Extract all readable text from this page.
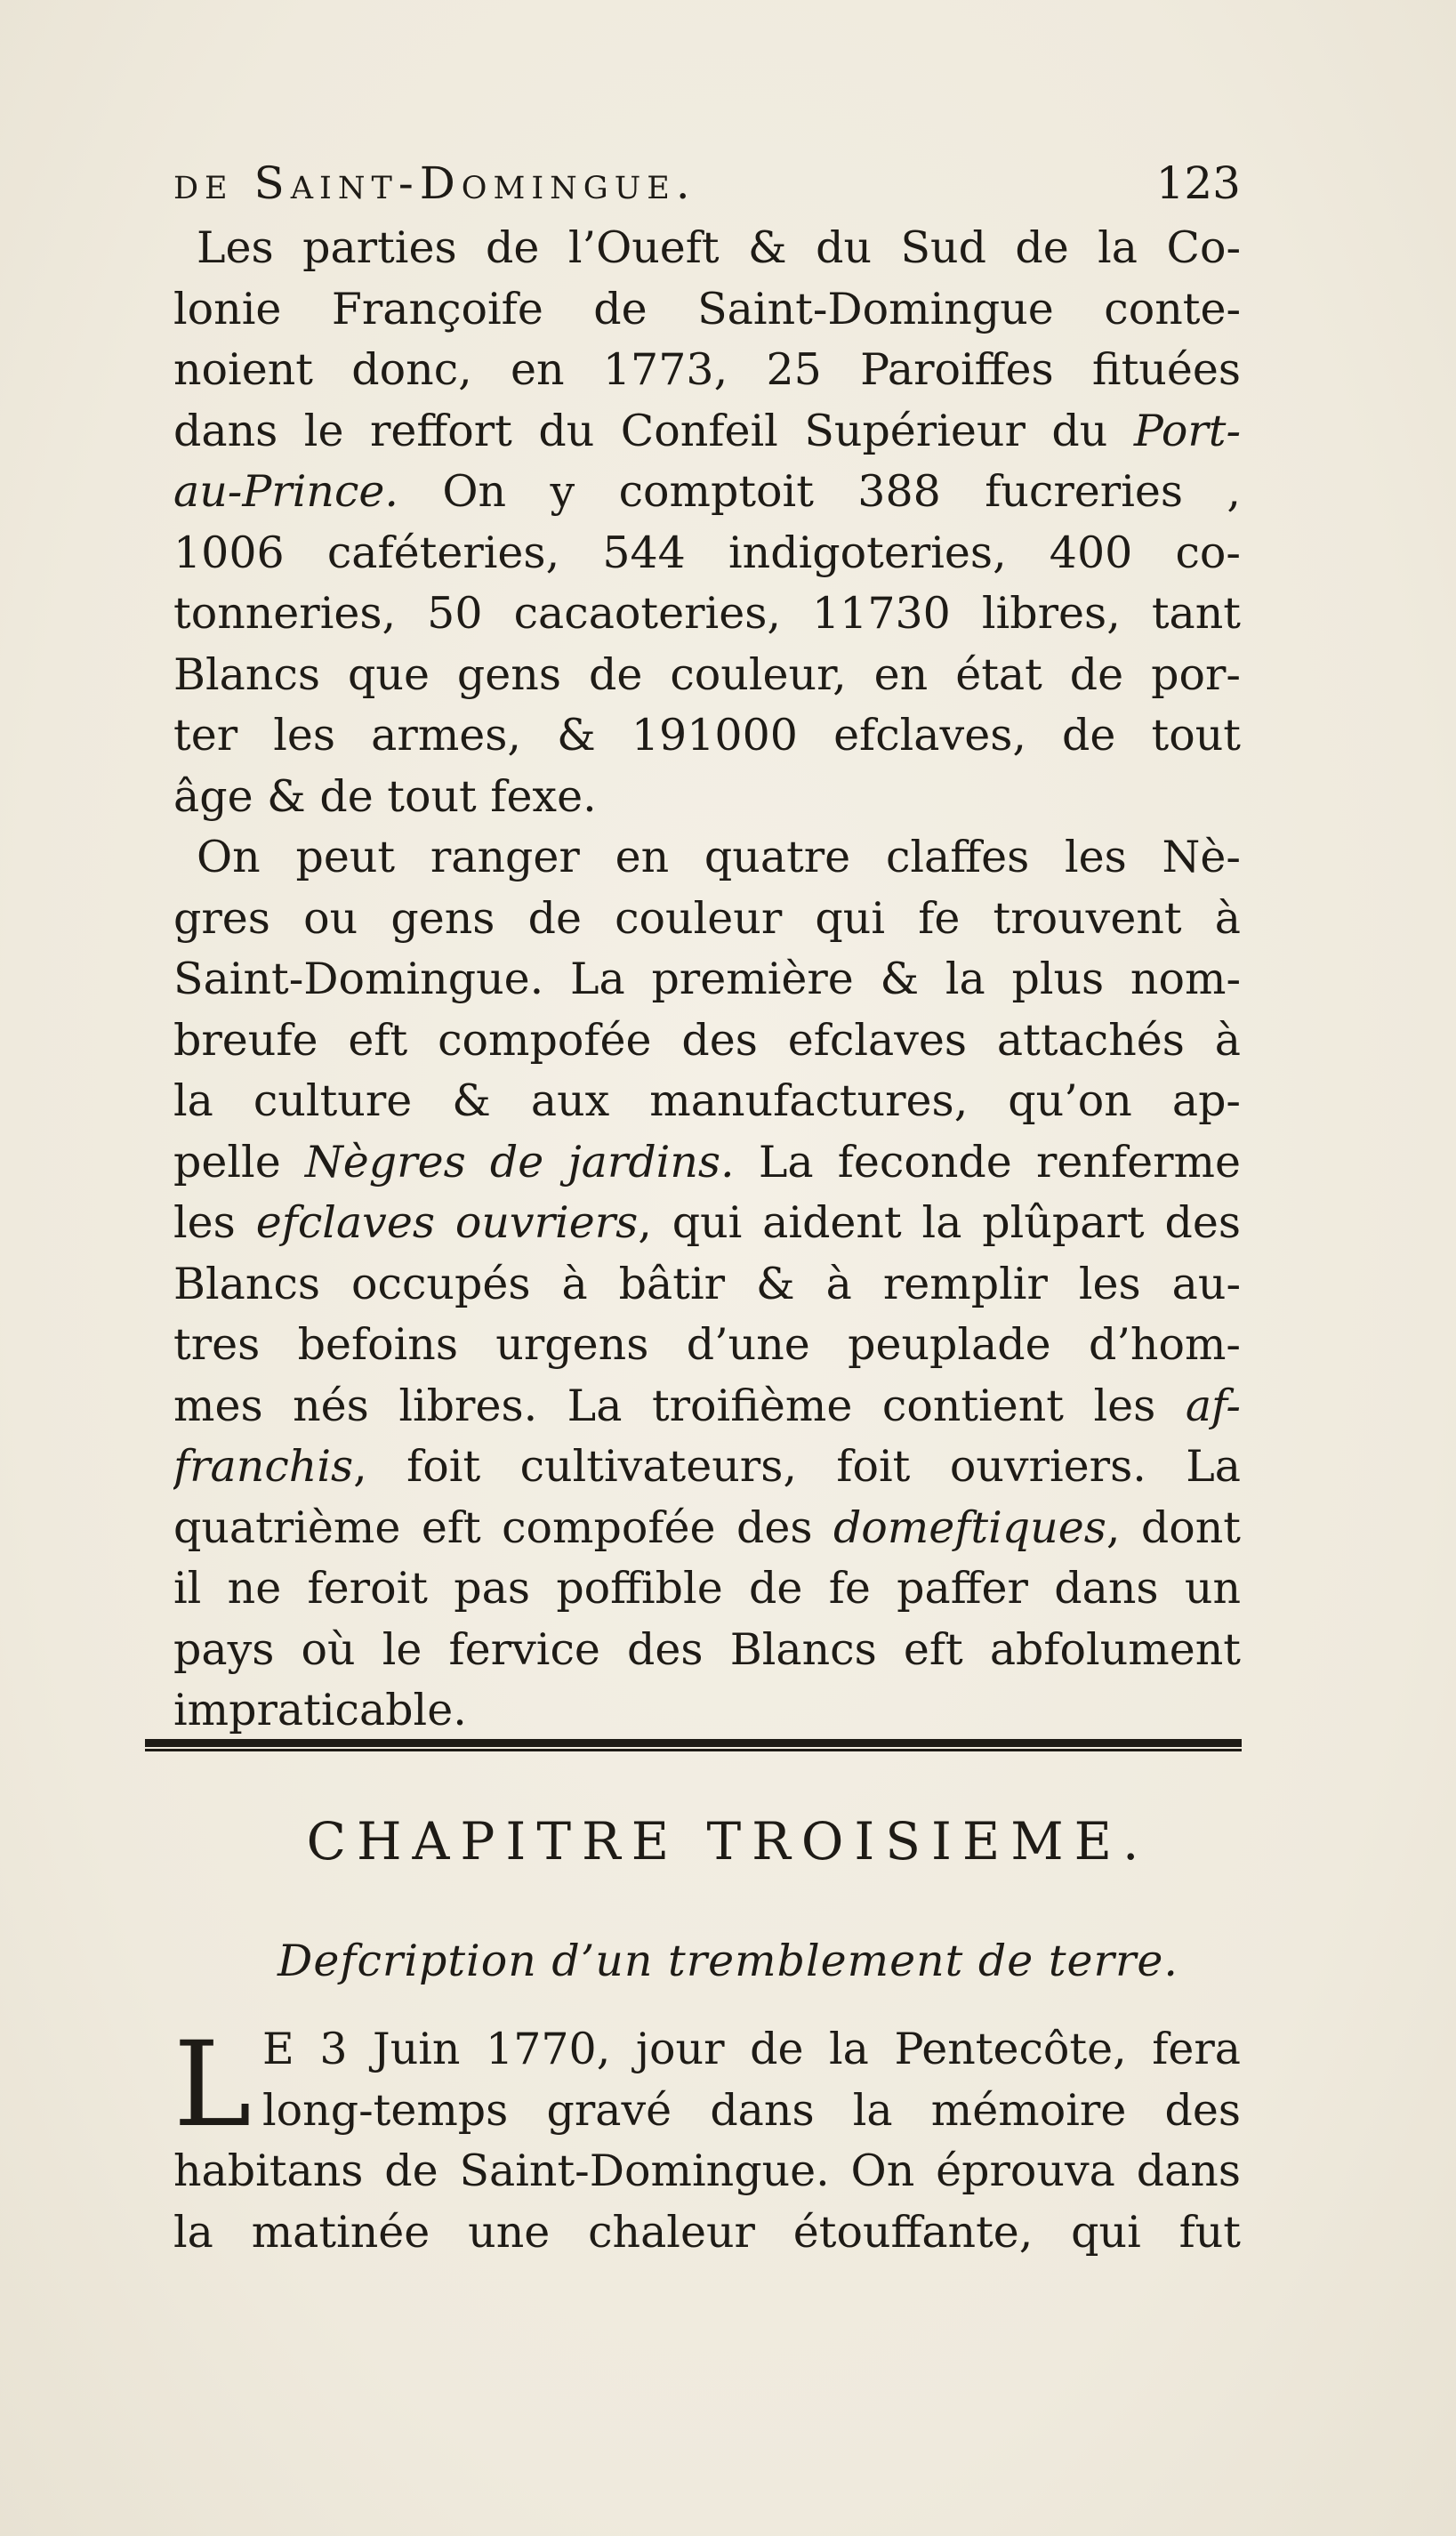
de Saint-Domingue.	123
Les parties de l’Oueft & du Sud de la Co-
lonie Françoife de Saint-Domingue conte-
noient donc, en 1773, 25 Paroiffes fituées
dans le reffort du Confeil Supérieur du Port-
au-Prince. On y comptoit 388 fucreries ,
1006 caféteries, 544 indigoteries, 400 co-
tonneries, 50 cacaoteries, 11730 libres, tant
Blancs que gens de couleur, en état de por-
ter les armes, & 191000 efclaves, de tout
âge & de tout fexe.
On peut ranger en quatre claffes les Nè-
gres ou gens de couleur qui fe trouvent à
Saint-Domingue. La première & la plus nom-
breufe eft compofée des efclaves attachés à
la culture & aux manufactures, qu’on ap-
pelle Nègres de jardins. La feconde renferme
les efclaves ouvriers, qui aident la plûpart des
Blancs occupés à bâtir & à remplir les au-
tres befoins urgens d’une peuplade d’hom-
mes nés libres. La troifième contient les af-
franchis, foit cultivateurs, foit ouvriers. La
quatrième eft compofée des domeftiques, dont
il ne feroit pas poffible de fe paffer dans un
pays où le fervice des Blancs eft abfolument
impraticable.
CHAPITRE TROISIEME.
Defcription d’un tremblement de terre.
L E 3 Juin 1770, jour de la Pentecôte, fera
long-temps gravé dans la mémoire des
habitans de Saint-Domingue. On éprouva dans
la matinée une chaleur étouffante, qui fut
